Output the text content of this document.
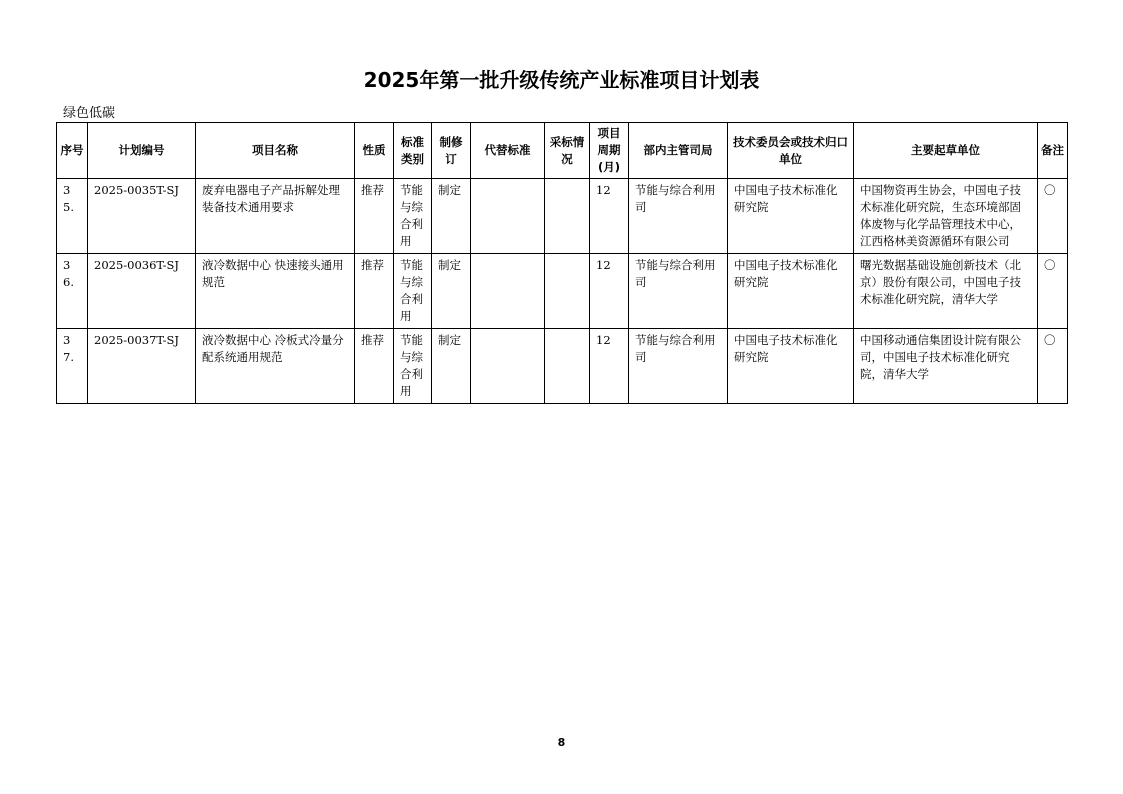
2025年第一批升级传统产业标准项目计划表
绿色低碳
序号	计划编号	项目名称	性质	标准类别	制修订	代替标准	采标情况	项目周期(月)	部内主管司局	技术委员会或技术归口单位	主要起草单位	备注
35.	2025-0035T-SJ	废弃电器电子产品拆解处理装备技术通用要求	推荐	节能与综合利用	制定			12	节能与综合利用司	中国电子技术标准化研究院	中国物资再生协会，中国电子技术标准化研究院，生态环境部固体废物与化学品管理技术中心，江西格林美资源循环有限公司	〇
36.	2025-0036T-SJ	液冷数据中心 快速接头通用规范	推荐	节能与综合利用	制定			12	节能与综合利用司	中国电子技术标准化研究院	曙光数据基础设施创新技术（北京）股份有限公司，中国电子技术标准化研究院，清华大学	〇
37.	2025-0037T-SJ	液冷数据中心 冷板式冷量分配系统通用规范	推荐	节能与综合利用	制定			12	节能与综合利用司	中国电子技术标准化研究院	中国移动通信集团设计院有限公司，中国电子技术标准化研究院，清华大学	〇
8
